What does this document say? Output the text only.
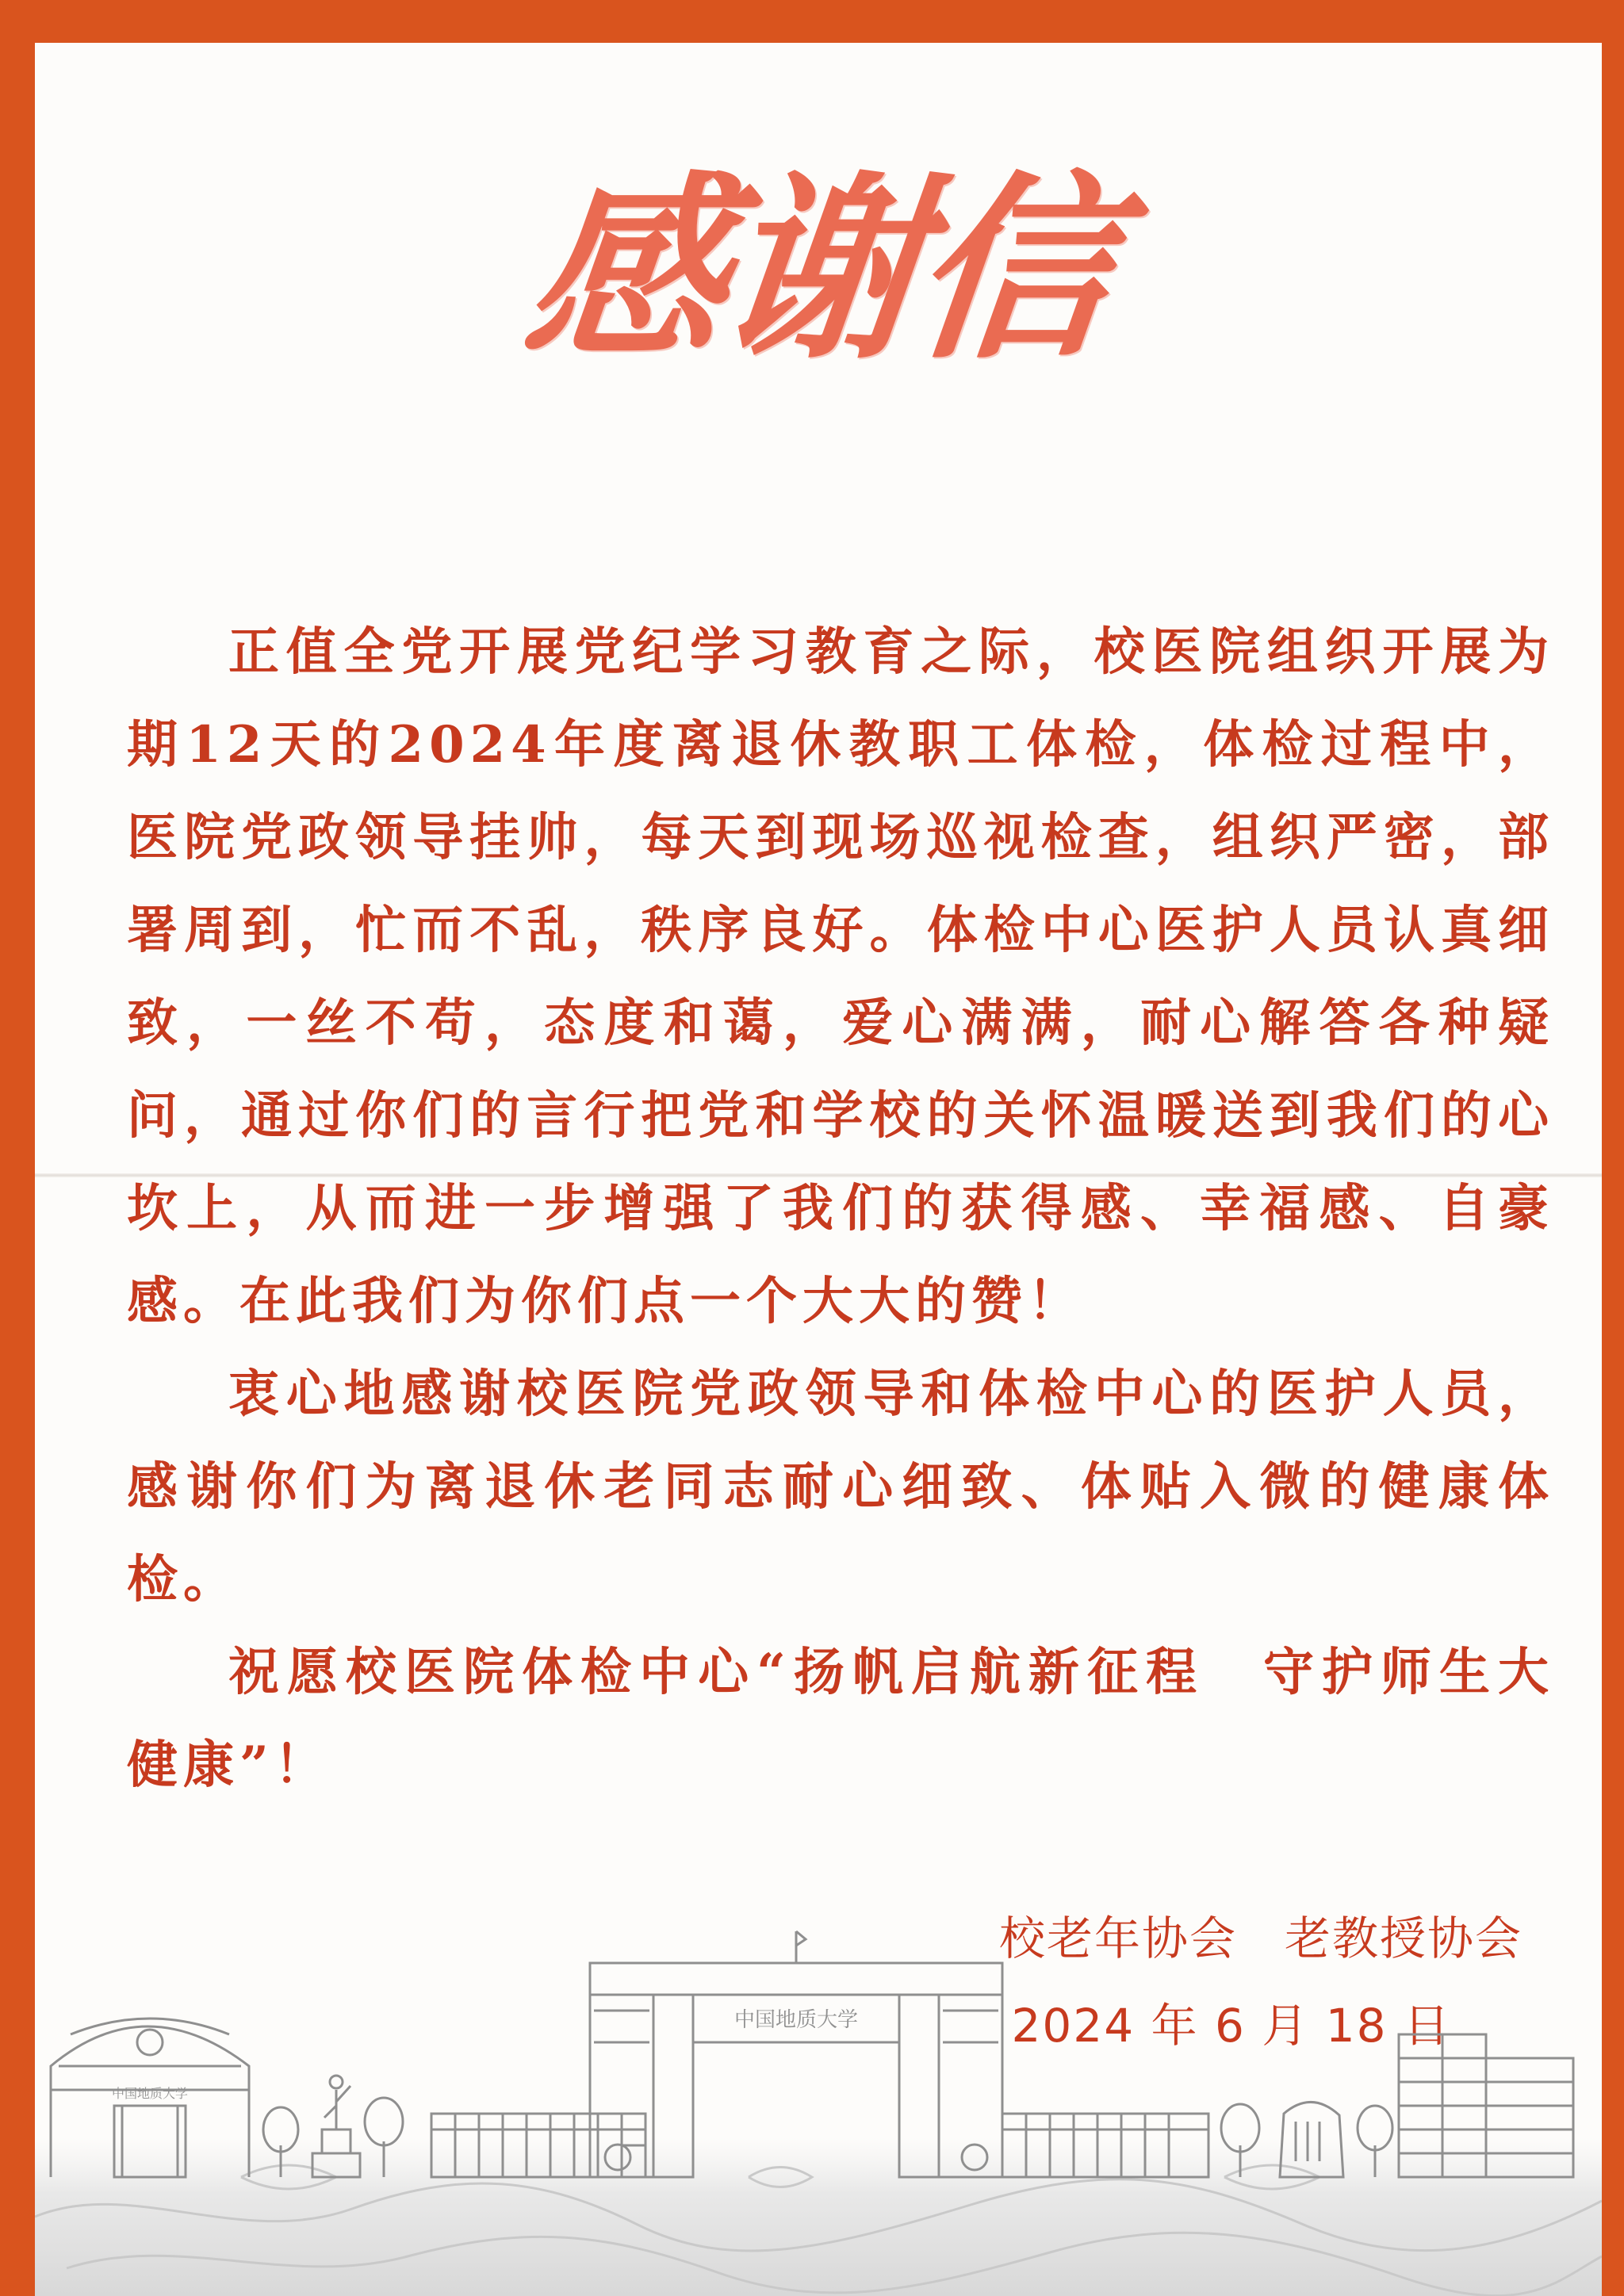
感谢信

正值全党开展党纪学习教育之际，校医院组织开展为期12天的2024年度离退休教职工体检，体检过程中，医院党政领导挂帅，每天到现场巡视检查，组织严密，部署周到，忙而不乱，秩序良好。体检中心医护人员认真细致，一丝不苟，态度和蔼，爱心满满，耐心解答各种疑问，通过你们的言行把党和学校的关怀温暖送到我们的心坎上，从而进一步增强了我们的获得感、幸福感、自豪感。在此我们为你们点一个大大的赞！

衷心地感谢校医院党政领导和体检中心的医护人员，感谢你们为离退休老同志耐心细致、体贴入微的健康体检。

祝愿校医院体检中心“扬帆启航新征程　守护师生大健康”！

校老年协会　老教授协会
2024 年 6 月 18 日
中国地质大学
中国地质大学
